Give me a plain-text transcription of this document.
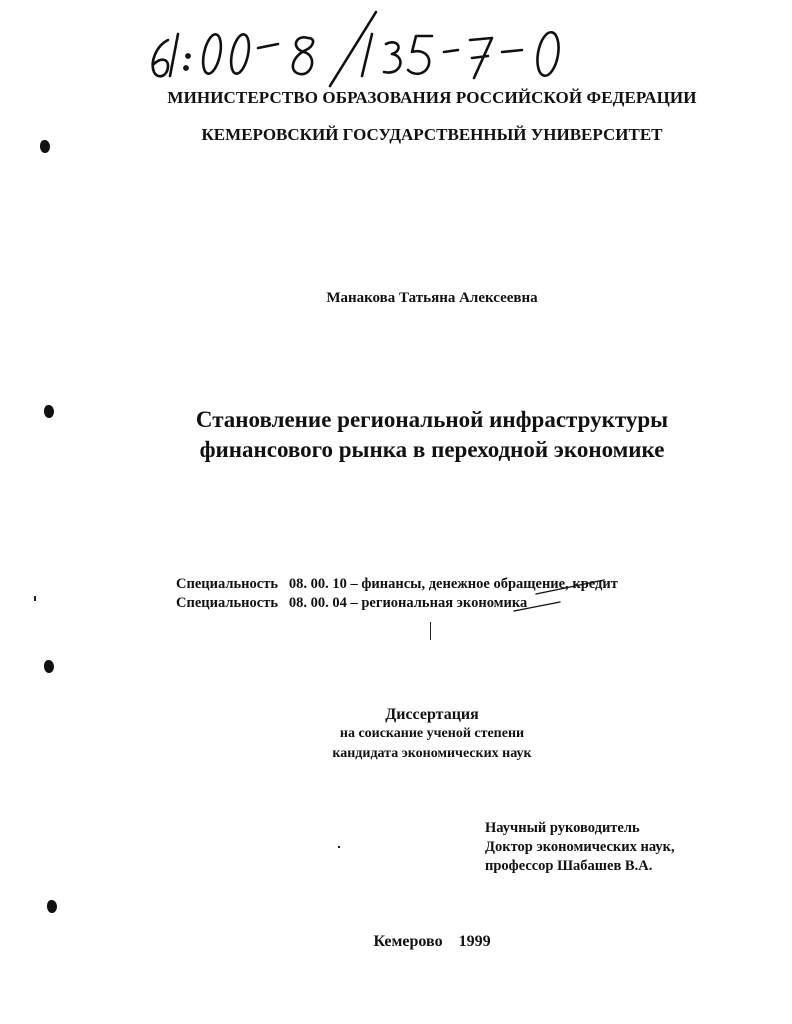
МИНИСТЕРСТВО ОБРАЗОВАНИЯ РОССИЙСКОЙ ФЕДЕРАЦИИ
КЕМЕРОВСКИЙ ГОСУДАРСТВЕННЫЙ УНИВЕРСИТЕТ
Манакова Татьяна Алексеевна
Становление региональной инфраструктуры
финансового рынка в переходной экономике
Специальность 08. 00. 10 – финансы, денежное обращение, кредит
Специальность 08. 00. 04 – региональная экономика
Диссертация
на соискание ученой степени
кандидата экономических наук
Научный руководитель
Доктор экономических наук,
профессор Шабашев В.А.
Кемерово 1999
